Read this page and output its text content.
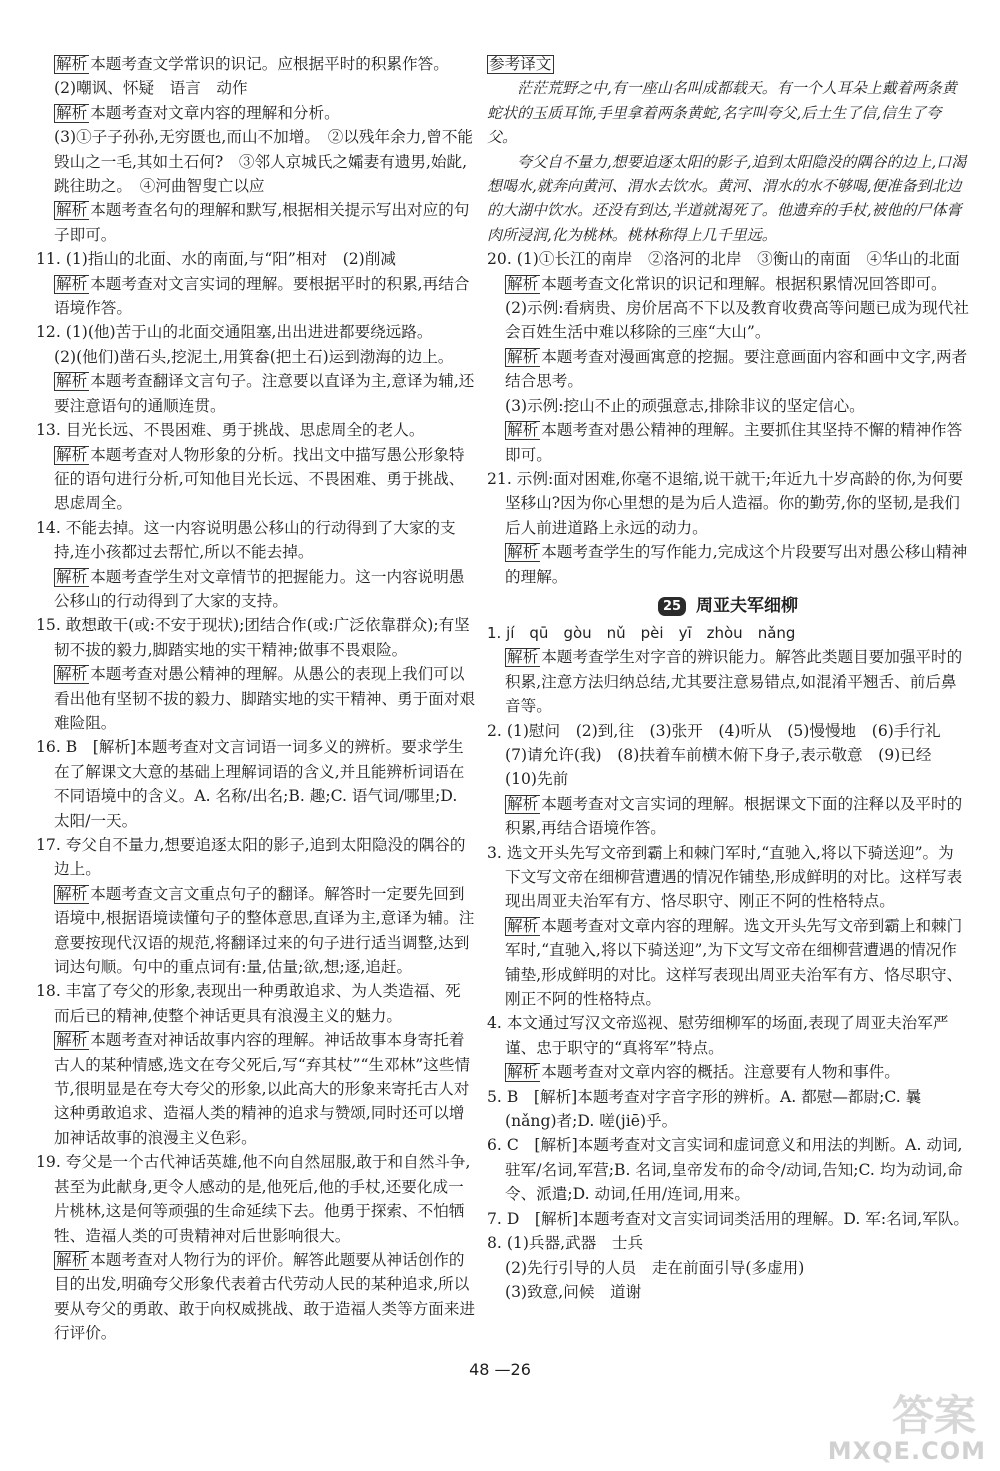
解析 本题考查文学常识的识记。应根据平时的积累作答。

(2)嘲讽、怀疑　语言　动作

解析 本题考查对文章内容的理解和分析。

(3)①子子孙孙,无穷匮也,而山不加增。　②以残年余力,曾不能毁山之一毛,其如土石何?　③邻人京城氏之孀妻有遗男,始龀,跳往助之。　④河曲智叟亡以应

解析 本题考查名句的理解和默写,根据相关提示写出对应的句子即可。

11. (1)指山的北面、水的南面,与“阳”相对　(2)削减

解析 本题考查对文言实词的理解。要根据平时的积累,再结合语境作答。

12. (1)(他)苦于山的北面交通阻塞,出出进进都要绕远路。

(2)(他们)凿石头,挖泥土,用箕畚(把土石)运到渤海的边上。

解析 本题考查翻译文言句子。注意要以直译为主,意译为辅,还要注意语句的通顺连贯。

13. 目光长远、不畏困难、勇于挑战、思虑周全的老人。

解析 本题考查对人物形象的分析。找出文中描写愚公形象特征的语句进行分析,可知他目光长远、不畏困难、勇于挑战、思虑周全。

14. 不能去掉。这一内容说明愚公移山的行动得到了大家的支持,连小孩都过去帮忙,所以不能去掉。

解析 本题考查学生对文章情节的把握能力。这一内容说明愚公移山的行动得到了大家的支持。

15. 敢想敢干(或:不安于现状);团结合作(或:广泛依靠群众);有坚韧不拔的毅力,脚踏实地的实干精神;做事不畏艰险。

解析 本题考查对愚公精神的理解。从愚公的表现上我们可以看出他有坚韧不拔的毅力、脚踏实地的实干精神、勇于面对艰难险阻。

16. B　[解析]本题考查对文言词语一词多义的辨析。要求学生在了解课文大意的基础上理解词语的含义,并且能辨析词语在不同语境中的含义。A. 名称/出名;B. 趣;C. 语气词/哪里;D. 太阳/一天。

17. 夸父自不量力,想要追逐太阳的影子,追到太阳隐没的隅谷的边上。

解析 本题考查文言文重点句子的翻译。解答时一定要先回到语境中,根据语境读懂句子的整体意思,直译为主,意译为辅。注意要按现代汉语的规范,将翻译过来的句子进行适当调整,达到词达句顺。句中的重点词有:量,估量;欲,想;逐,追赶。

18. 丰富了夸父的形象,表现出一种勇敢追求、为人类造福、死而后已的精神,使整个神话更具有浪漫主义的魅力。

解析 本题考查对神话故事内容的理解。神话故事本身寄托着古人的某种情感,选文在夸父死后,写“弃其杖”“生邓林”这些情节,很明显是在夸大夸父的形象,以此高大的形象来寄托古人对这种勇敢追求、造福人类的精神的追求与赞颂,同时还可以增加神话故事的浪漫主义色彩。

19. 夸父是一个古代神话英雄,他不向自然屈服,敢于和自然斗争,甚至为此献身,更令人感动的是,他死后,他的手杖,还要化成一片桃林,这是何等顽强的生命延续下去。他勇于探索、不怕牺牲、造福人类的可贵精神对后世影响很大。

解析 本题考查对人物行为的评价。解答此题要从神话创作的目的出发,明确夸父形象代表着古代劳动人民的某种追求,所以要从夸父的勇敢、敢于向权威挑战、敢于造福人类等方面来进行评价。

参考译文

茫茫荒野之中,有一座山名叫成都载天。有一个人耳朵上戴着两条黄蛇状的玉质耳饰,手里拿着两条黄蛇,名字叫夸父,后土生了信,信生了夸父。

夸父自不量力,想要追逐太阳的影子,追到太阳隐没的隅谷的边上,口渴想喝水,就奔向黄河、渭水去饮水。黄河、渭水的水不够喝,便准备到北边的大湖中饮水。还没有到达,半道就渴死了。他遗弃的手杖,被他的尸体膏肉所浸润,化为桃林。桃林称得上几千里远。

20. (1)①长江的南岸　②洛河的北岸　③衡山的南面　④华山的北面

解析 本题考查文化常识的识记和理解。根据积累情况回答即可。

(2)示例:看病贵、房价居高不下以及教育收费高等问题已成为现代社会百姓生活中难以移除的三座“大山”。

解析 本题考查对漫画寓意的挖掘。要注意画面内容和画中文字,两者结合思考。

(3)示例:挖山不止的顽强意志,排除非议的坚定信心。

解析 本题考查对愚公精神的理解。主要抓住其坚持不懈的精神作答即可。

21. 示例:面对困难,你毫不退缩,说干就干;年近九十岁高龄的你,为何要坚移山?因为你心里想的是为后人造福。你的勤劳,你的坚韧,是我们后人前进道路上永远的动力。

解析 本题考查学生的写作能力,完成这个片段要写出对愚公移山精神的理解。

25 周亚夫军细柳

1. jí　qū　gòu　nǔ　pèi　yī　zhòu　nǎng

解析 本题考查学生对字音的辨识能力。解答此类题目要加强平时的积累,注意方法归纳总结,尤其要注意易错点,如混淆平翘舌、前后鼻音等。

2. (1)慰问　(2)到,往　(3)张开　(4)听从　(5)慢慢地　(6)手行礼　(7)请允许(我)　(8)扶着车前横木俯下身子,表示敬意　(9)已经　(10)先前

解析 本题考查对文言实词的理解。根据课文下面的注释以及平时的积累,再结合语境作答。

3. 选文开头先写文帝到霸上和棘门军时,“直驰入,将以下骑送迎”。为下文写文帝在细柳营遭遇的情况作铺垫,形成鲜明的对比。这样写表现出周亚夫治军有方、恪尽职守、刚正不阿的性格特点。

解析 本题考查对文章内容的理解。选文开头先写文帝到霸上和棘门军时,“直驰入,将以下骑送迎”,为下文写文帝在细柳营遭遇的情况作铺垫,形成鲜明的对比。这样写表现出周亚夫治军有方、恪尽职守、刚正不阿的性格特点。

4. 本文通过写汉文帝巡视、慰劳细柳军的场面,表现了周亚夫治军严谨、忠于职守的“真将军”特点。

解析 本题考查对文章内容的概括。注意要有人物和事件。

5. B　[解析]本题考查对字音字形的辨析。A. 都慰—都尉;C. 曩(nǎng)者;D. 嗟(jiē)乎。

6. C　[解析]本题考查对文言实词和虚词意义和用法的判断。A. 动词,驻军/名词,军营;B. 名词,皇帝发布的命令/动词,告知;C. 均为动词,命令、派遣;D. 动词,任用/连词,用来。

7. D　[解析]本题考查对文言实词词类活用的理解。D. 军:名词,军队。

8. (1)兵器,武器　士兵

(2)先行引导的人员　走在前面引导(多虚用)

(3)致意,问候　道谢

48 —26
答案
MXQE.COM
